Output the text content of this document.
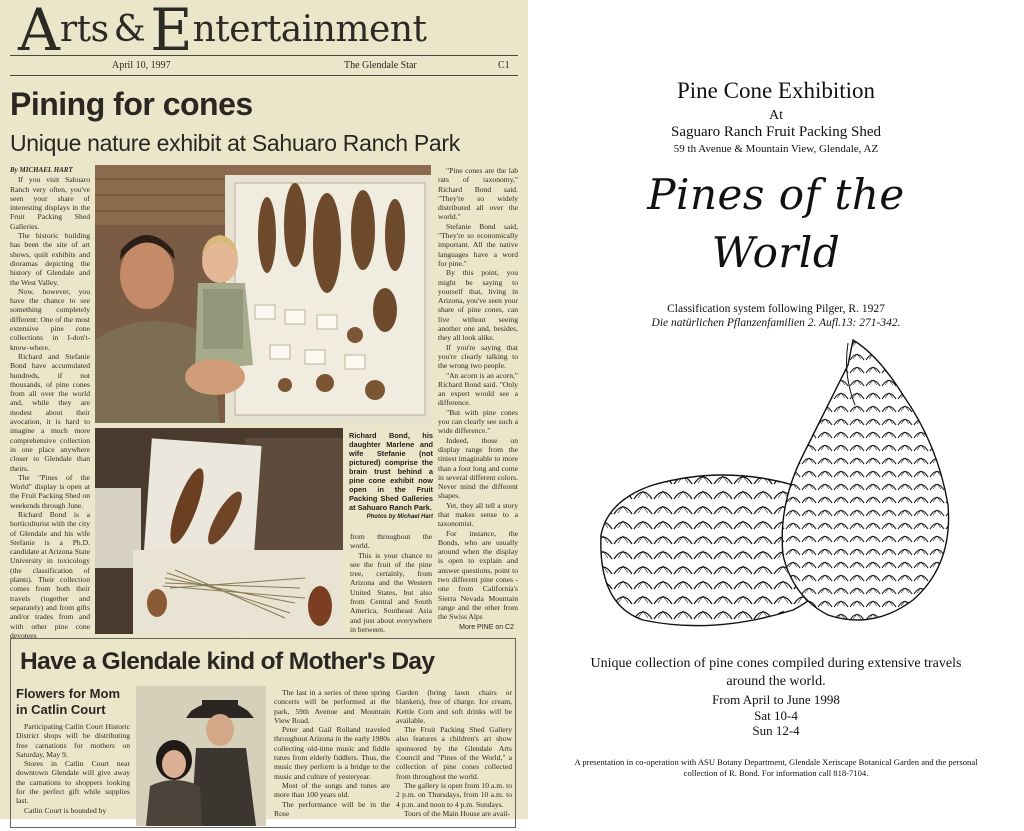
Arts & Entertainment
April 10, 1997	The Glendale Star	C1
Pining for cones
Unique nature exhibit at Sahuaro Ranch Park

By MICHAEL HART

If you visit Sahuaro Ranch very often, you've seen your share of interesting displays in the Fruit Packing Shed Galleries.

The historic building has been the site of art shows, quilt exhibits and dioramas depicting the history of Glendale and the West Valley.

Now, however, you have the chance to see something completely different: One of the most extensive pine cone collections in I-don't-know-where.

Richard and Stefanie Bond have accumulated hundreds, if not thousands, of pine cones from all over the world and, while they are modest about their avocation, it is hard to imagine a much more comprehensive collection in one place anywhere closer to Glendale than theirs.

The "Pines of the World" display is open at the Fruit Packing Shed on weekends through June.

Richard Bond is a horticulturist with the city of Glendale and his wife Stefanie is a Ph.D. candidate at Arizona State University in toxicology (the classification of plants). Their collection comes from both their travels (together and separately) and from gifts and/or trades from and with other pine cone devotees

Richard Bond, his daughter Marlene and wife Stefanie (not pictured) comprise the brain trust behind a pine cone exhibit now open in the Fruit Packing Shed Galleries at Sahuaro Ranch Park.
Photos by Michael Hart

from throughout the world.

This is your chance to see the fruit of the pine tree, certainly, from Arizona and the Western United States, but also from Central and South America, Southeast Asia and just about everywhere in between.

"Pine cones are the lab rats of taxonomy," Richard Bond said. "They're so widely distributed all over the world."

Stefanie Bond said, "They're so economically important. All the native languages have a word for pine."

By this point, you might be saying to yourself that, living in Arizona, you've seen your share of pine cones, can live without seeing another one and, besides, they all look alike.

If you're saying that you're clearly talking to the wrong two people.

"An acorn is an acorn," Richard Bond said. "Only an expert would see a difference.

"But with pine cones you can clearly see such a wide difference."

Indeed, those on display range from the tiniest imaginable to more than a foot long and come in several different colors. Never mind the different shapes.

Yet, they all tell a story that makes sense to a taxonomist.

For instance, the Bonds, who are usually around when the display is open to explain and answer questions, point to two different pine cones - one from California's Sierra Nevada Mountain range and the other from the Swiss Alps

More PINE on C2
Have a Glendale kind of Mother's Day
Flowers for Mom in Catlin Court

Participating Catlin Court Historic District shops will be distributing free carnations for mothers on Saturday, May 9.

Stores in Catlin Court near downtown Glendale will give away the carnations to shoppers looking for the perfect gift while supplies last.

Catlin Court is bounded by

The last in a series of three spring concerts will be performed at the park, 59th Avenue and Mountain View Road.

Peter and Gail Rolland traveled throughout Arizona in the early 1980s collecting old-time music and fiddle tunes from elderly fiddlers. Thus, the music they perform is a bridge to the music and culture of yesteryear.

Most of the songs and tunes are more than 100 years old.

The performance will be in the Rose

Garden (bring lawn chairs or blankets), free of charge. Ice cream, Kettle Corn and soft drinks will be available.

The Fruit Packing Shed Gallery also features a children's art show sponsored by the Glendale Arts Council and "Pines of the World," a collection of pine cones collected from throughout the world.

The gallery is open from 10 a.m. to 2 p.m. on Thursdays, from 10 a.m. to 4 p.m. and noon to 4 p.m. Sundays.

Tours of the Main House are avail-

Pine Cone Exhibition
At
Saguaro Ranch Fruit Packing Shed
59 th Avenue & Mountain View, Glendale, AZ
Pines of the
World
Classification system following Pilger, R. 1927
Die natürlichen Pflanzenfamilien 2. Aufl.13: 271-342.
Unique collection of pine cones compiled during extensive travels around the world.
From April to June 1998
Sat 10-4
Sun 12-4
A presentation in co-operation with ASU Botany Department, Glendale Xeriscape Botanical Garden and the personal collection of R. Bond. For information call 818-7104.
